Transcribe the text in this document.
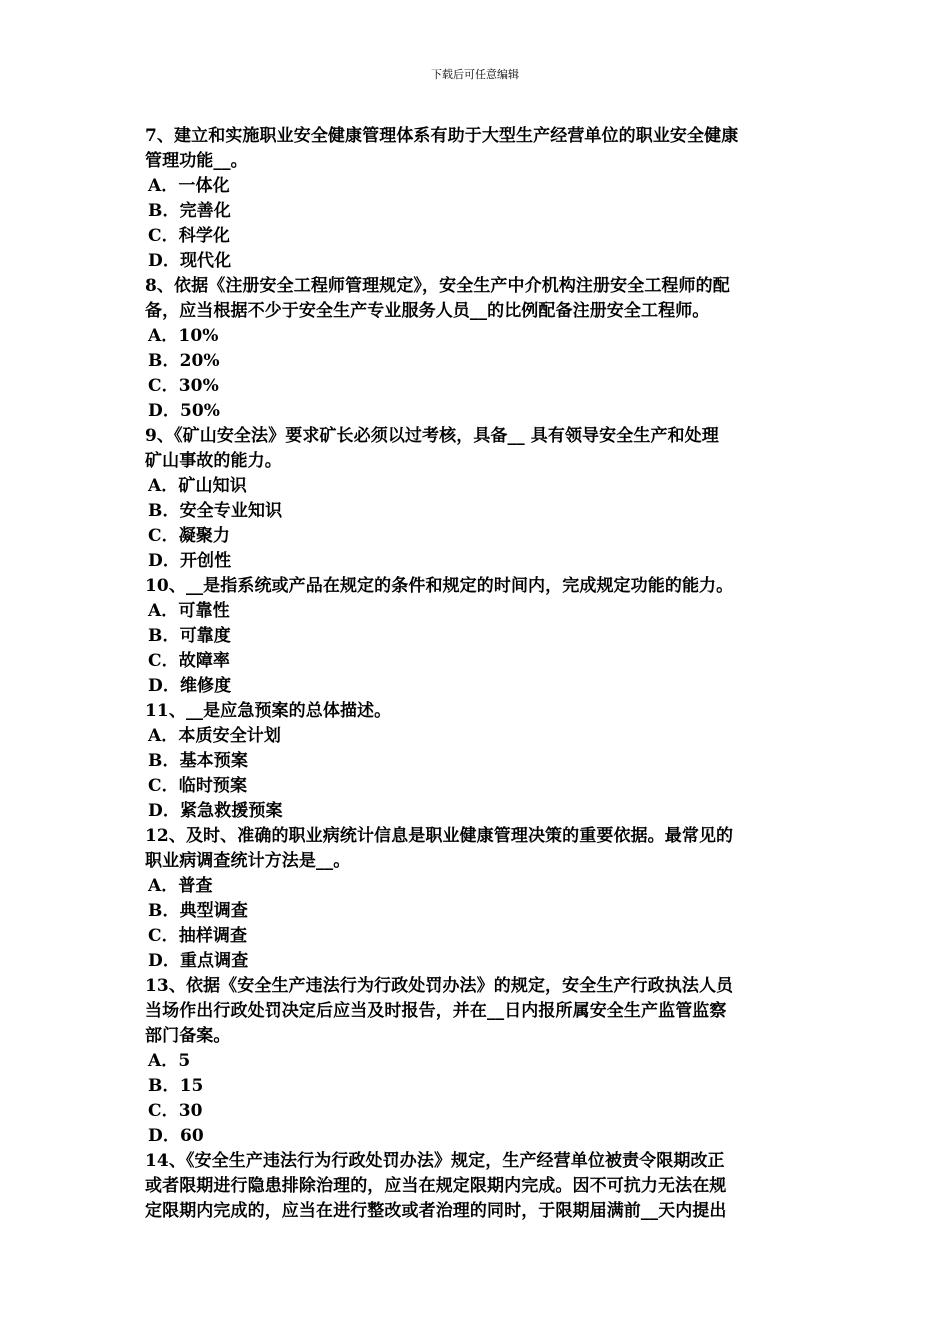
下载后可任意编辑
7、建立和实施职业安全健康管理体系有助于大型生产经营单位的职业安全健康
管理功能__。
A．一体化
B．完善化
C．科学化
D．现代化
8、依据《注册安全工程师管理规定》，安全生产中介机构注册安全工程师的配
备，应当根据不少于安全生产专业服务人员__的比例配备注册安全工程师。
A．10%
B．20%
C．30%
D．50%
9、《矿山安全法》要求矿长必须以过考核，具备__ 具有领导安全生产和处理
矿山事故的能力。
A．矿山知识
B．安全专业知识
C．凝聚力
D．开创性
10、__是指系统或产品在规定的条件和规定的时间内，完成规定功能的能力。
A．可靠性
B．可靠度
C．故障率
D．维修度
11、__是应急预案的总体描述。
A．本质安全计划
B．基本预案
C．临时预案
D．紧急救援预案
12、及时、准确的职业病统计信息是职业健康管理决策的重要依据。最常见的
职业病调查统计方法是__。
A．普查
B．典型调查
C．抽样调查
D．重点调查
13、依据《安全生产违法行为行政处罚办法》的规定，安全生产行政执法人员
当场作出行政处罚决定后应当及时报告，并在__日内报所属安全生产监管监察
部门备案。
A．5
B．15
C．30
D．60
14、《安全生产违法行为行政处罚办法》规定，生产经营单位被责令限期改正
或者限期进行隐患排除治理的，应当在规定限期内完成。因不可抗力无法在规
定限期内完成的，应当在进行整改或者治理的同时，于限期届满前__天内提出
